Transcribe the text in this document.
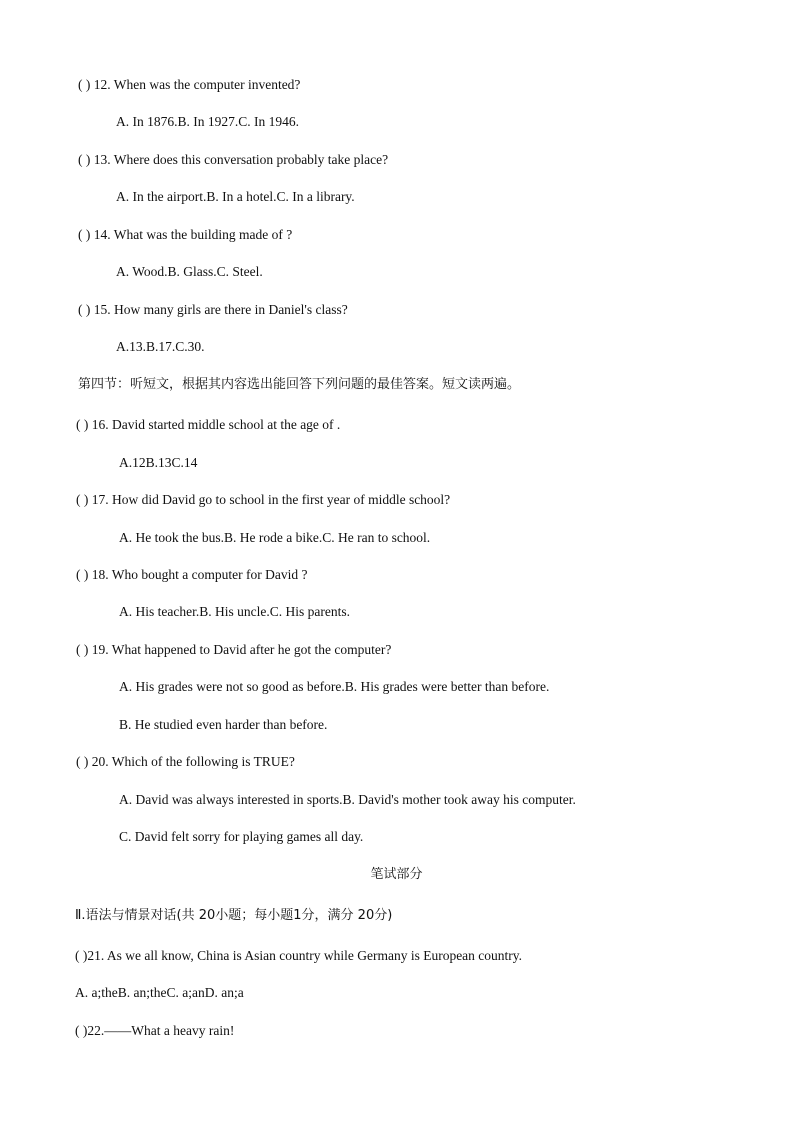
( ) 12. When was the computer invented?
A. In 1876.B. In 1927.C. In 1946.
( ) 13. Where does this conversation probably take place?
A. In the airport.B. In a hotel.C. In a library.
( ) 14. What was the building made of ?
A. Wood.B. Glass.C. Steel.
( ) 15. How many girls are there in Daniel's class?
A.13.B.17.C.30.
第四节：听短文，根据其内容选出能回答下列问题的最佳答案。短文读两遍。
( ) 16. David started middle school at the age of .
A.12B.13C.14
( ) 17. How did David go to school in the first year of middle school?
A. He took the bus.B. He rode a bike.C. He ran to school.
( ) 18. Who bought a computer for David ?
A. His teacher.B. His uncle.C. His parents.
( ) 19. What happened to David after he got the computer?
A. His grades were not so good as before.B. His grades were better than before.
B. He studied even harder than before.
( ) 20. Which of the following is TRUE?
A. David was always interested in sports.B. David's mother took away his computer.
C. David felt sorry for playing games all day.
笔试部分
Ⅱ.语法与情景对话(共 20小题；每小题1分，满分 20分)
( )21. As we all know, China is Asian country while Germany is European country.
A. a;theB. an;theC. a;anD. an;a
( )22.——What a heavy rain!
